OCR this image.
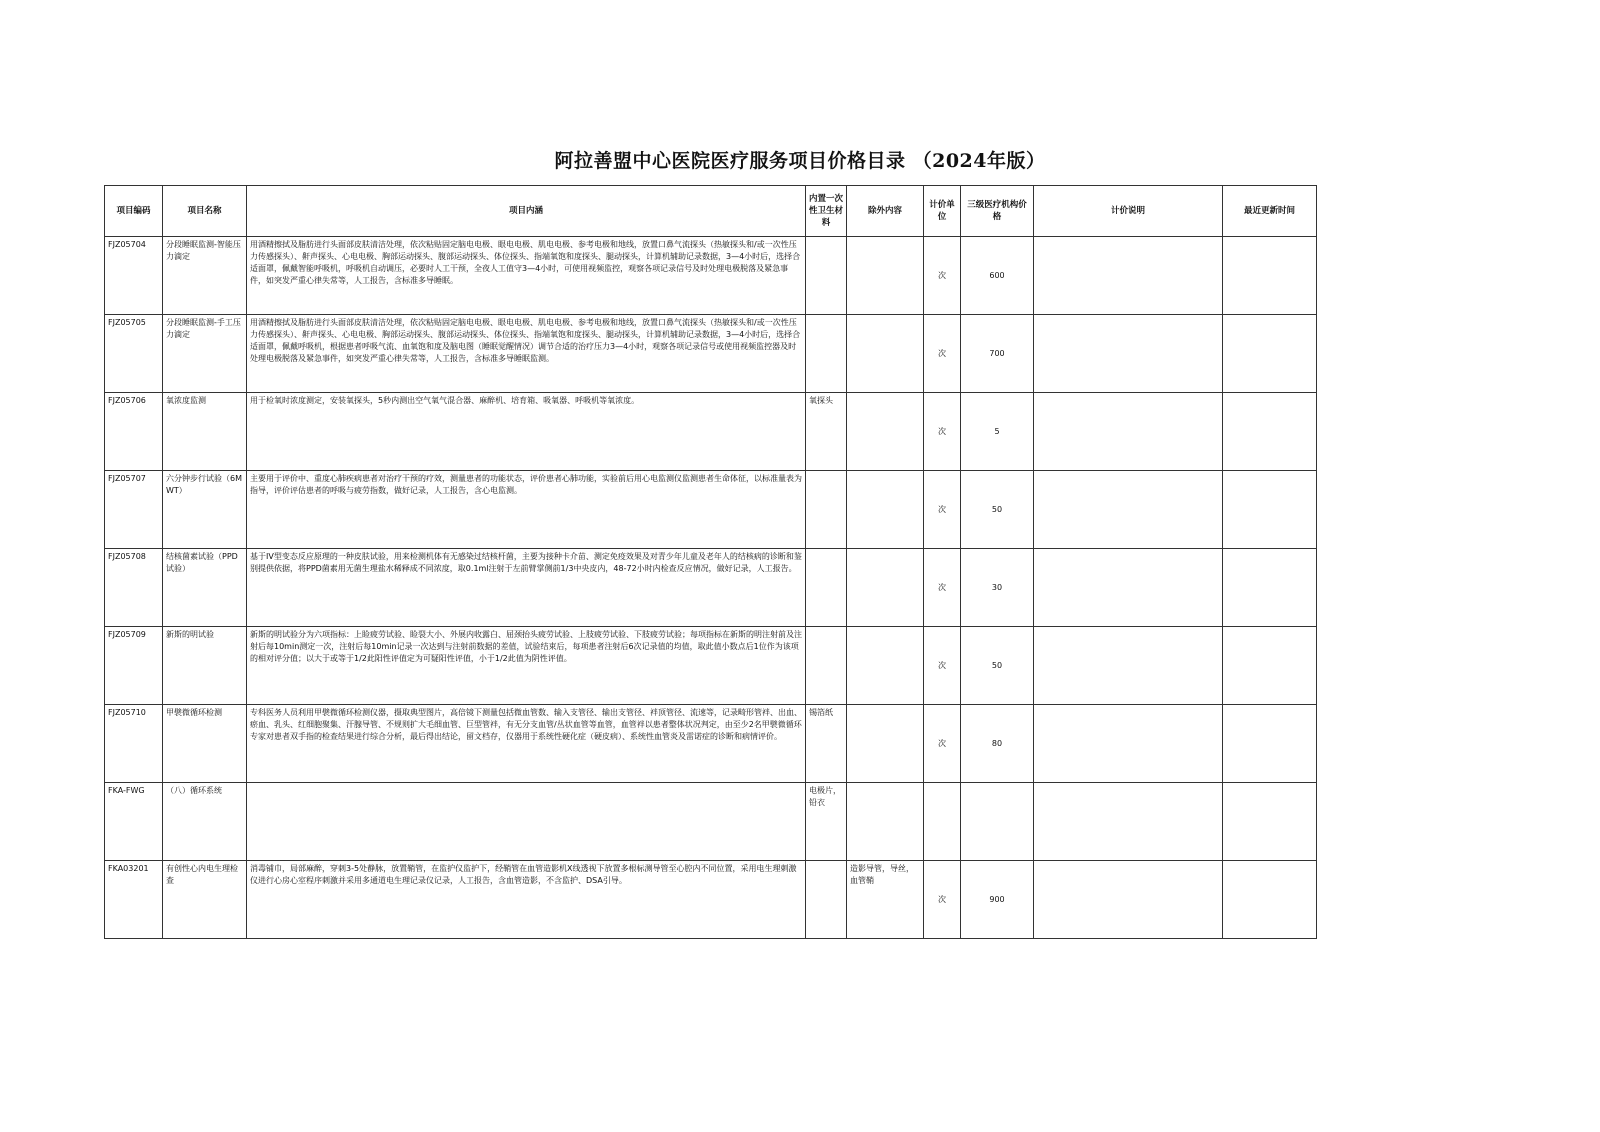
阿拉善盟中心医院医疗服务项目价格目录 （2024年版）
项目编码	项目名称	项目内涵	内置一次性卫生材料	除外内容	计价单位	三级医疗机构价格	计价说明	最近更新时间
FJZ05704	分段睡眠监测-智能压力滴定	用酒精擦拭及脂肪进行头面部皮肤清洁处理，依次粘贴固定脑电电极、眼电电极、肌电电极、参考电极和地线，放置口鼻气流探头（热敏探头和/或一次性压力传感探头）、鼾声探头、心电电极、胸部运动探头、腹部运动探头、体位探头、指端氧饱和度探头、腿动探头，计算机辅助记录数据，3—4小时后，选择合适面罩，佩戴智能呼吸机，呼吸机自动调压，必要时人工干预，全夜人工值守3—4小时，可使用视频监控，观察各项记录信号及时处理电极脱落及紧急事件，如突发严重心律失常等，人工报告，含标准多导睡眠。			次	600		
FJZ05705	分段睡眠监测-手工压力滴定	用酒精擦拭及脂肪进行头面部皮肤清洁处理，依次粘贴固定脑电电极、眼电电极、肌电电极、参考电极和地线，放置口鼻气流探头（热敏探头和/或一次性压力传感探头）、鼾声探头、心电电极、胸部运动探头、腹部运动探头、体位探头、指端氧饱和度探头、腿动探头，计算机辅助记录数据，3—4小时后，选择合适面罩，佩戴呼吸机，根据患者呼吸气流、血氧饱和度及脑电图（睡眠觉醒情况）调节合适的治疗压力3—4小时，观察各项记录信号或使用视频监控器及时处理电极脱落及紧急事件，如突发严重心律失常等，人工报告，含标准多导睡眠监测。			次	700		
FJZ05706	氧浓度监测	用于检氧时浓度测定，安装氧探头，5秒内测出空气氧气混合器、麻醉机、培育箱、吸氧器、呼吸机等氧浓度。	氧探头		次	5		
FJZ05707	六分钟步行试验（6MWT）	主要用于评价中、重度心肺疾病患者对治疗干预的疗效，测量患者的功能状态，评价患者心肺功能，实验前后用心电监测仪监测患者生命体征，以标准量表为指导，评价评估患者的呼吸与疲劳指数，做好记录，人工报告，含心电监测。			次	50		
FJZ05708	结核菌素试验（PPD试验）	基于IV型变态反应原理的一种皮肤试验，用来检测机体有无感染过结核杆菌，主要为接种卡介苗、测定免疫效果及对青少年儿童及老年人的结核病的诊断和鉴别提供依据，将PPD菌素用无菌生理盐水稀释成不同浓度，取0.1ml注射于左前臂掌侧前1/3中央皮内，48-72小时内检查反应情况，做好记录，人工报告。			次	30		
FJZ05709	新斯的明试验	新斯的明试验分为六项指标：上睑疲劳试验、睑裂大小、外展内收露白、屈颈抬头疲劳试验、上肢疲劳试验、下肢疲劳试验；每项指标在新斯的明注射前及注射后每10min测定一次，注射后每10min记录一次达到与注射前数据的差值，试验结束后，每项患者注射后6次记录值的均值，取此值小数点后1位作为该项的相对评分值；以大于或等于1/2此阳性评值定为可疑阳性评值，小于1/2此值为阴性评值。			次	50		
FJZ05710	甲襞微循环检测	专科医务人员利用甲襞微循环检测仪器，摄取典型图片，高倍镜下测量包括微血管数、输入支管径、输出支管径、袢顶管径、流速等，记录畸形管袢、出血、瘀血、乳头、红细胞聚集、汗腺导管、不规则扩大毛细血管、巨型管袢，有无分支血管/丛状血管等血管，血管袢以患者整体状况判定，由至少2名甲襞微循环专家对患者双手指的检查结果进行综合分析，最后得出结论，留文档存，仪器用于系统性硬化症（硬皮病）、系统性血管炎及雷诺症的诊断和病情评价。	锡箔纸		次	80		
FKA-FWG	（八）循环系统		电极片，铅衣					
FKA03201	有创性心内电生理检查	消毒铺巾，局部麻醉，穿刺3-5处静脉，放置鞘管，在监护仪监护下，经鞘管在血管造影机X线透视下放置多根标测导管至心腔内不同位置，采用电生理刺激仪进行心房心室程序刺激并采用多通道电生理记录仪记录，人工报告，含血管造影，不含监护、DSA引导。		造影导管，导丝，血管鞘	次	900		
